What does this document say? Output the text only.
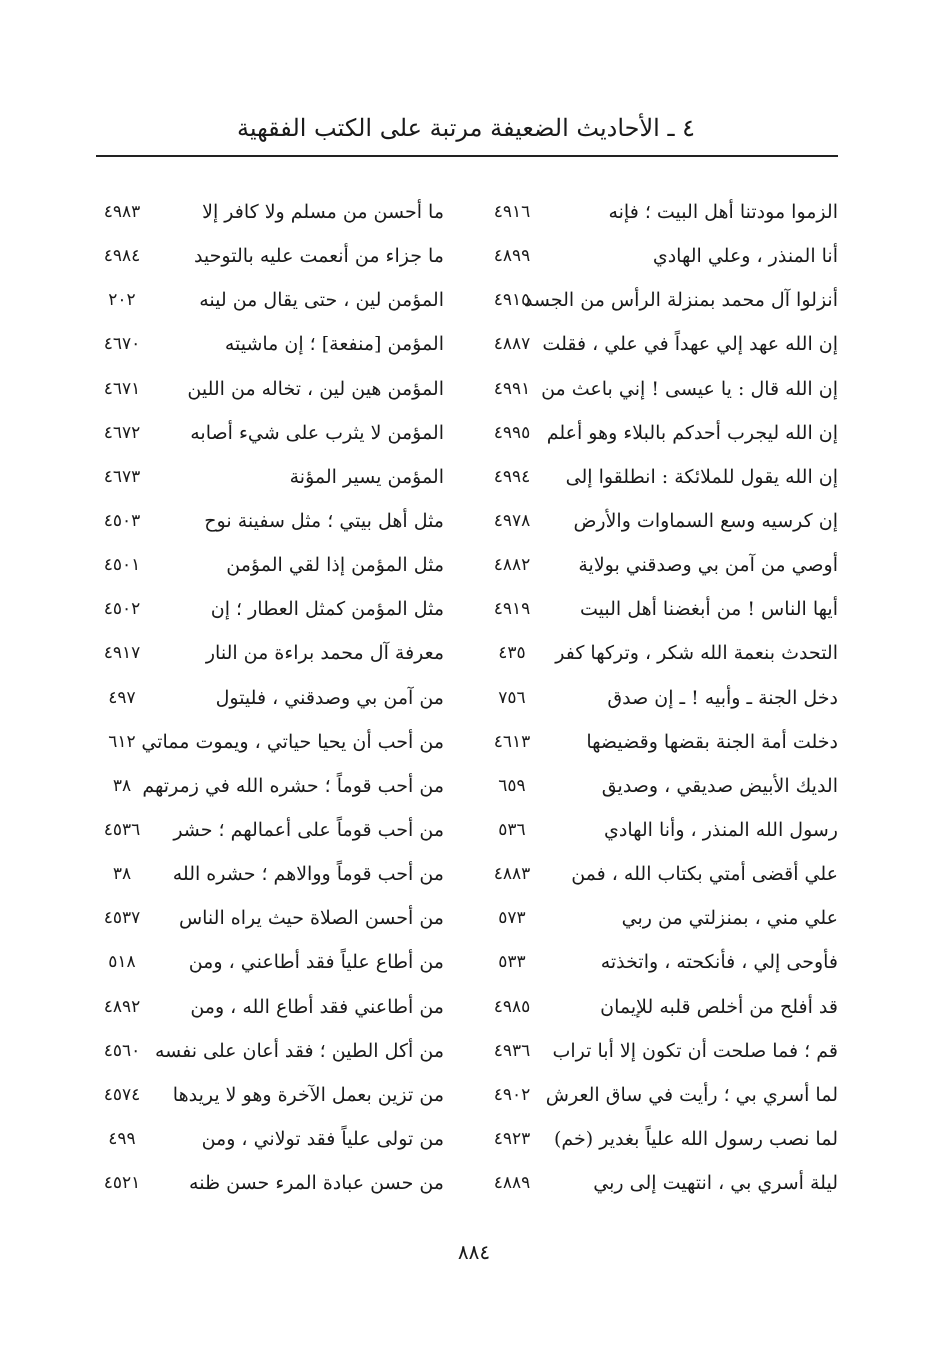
٤ ـ الأحاديث الضعيفة مرتبة على الكتب الفقهية
الزموا مودتنا أهل البيت ؛ فإنه
٤٩١٦
ما أحسن من مسلم ولا كافر إلا
٤٩٨٣
أنا المنذر ، وعلي الهادي
٤٨٩٩
ما جزاء من أنعمت عليه بالتوحيد
٤٩٨٤
أنزلوا آل محمد بمنزلة الرأس من الجسد
٤٩١٥
المؤمن لين ، حتى يقال من لينه
٢٠٢
إن الله عهد إلي عهداً في علي ، فقلت
٤٨٨٧
المؤمن [منفعة] ؛ إن ماشيته
٤٦٧٠
إن الله قال : يا عيسى ! إني باعث من
٤٩٩١
المؤمن هين لين ، تخاله من اللين
٤٦٧١
إن الله ليجرب أحدكم بالبلاء وهو أعلم
٤٩٩٥
المؤمن لا يثرب على شيء أصابه
٤٦٧٢
إن الله يقول للملائكة : انطلقوا إلى
٤٩٩٤
المؤمن يسير المؤنة
٤٦٧٣
إن كرسيه وسع السماوات والأرض
٤٩٧٨
مثل أهل بيتي ؛ مثل سفينة نوح
٤٥٠٣
أوصي من آمن بي وصدقني بولاية
٤٨٨٢
مثل المؤمن إذا لقي المؤمن
٤٥٠١
أيها الناس ! من أبغضنا أهل البيت
٤٩١٩
مثل المؤمن كمثل العطار ؛ إن
٤٥٠٢
التحدث بنعمة الله شكر ، وتركها كفر
٤٣٥
معرفة آل محمد براءة من النار
٤٩١٧
دخل الجنة ـ وأبيه ! ـ إن صدق
٧٥٦
من آمن بي وصدقني ، فليتول
٤٩٧
دخلت أمة الجنة بقضها وقضيضها
٤٦١٣
من أحب أن يحيا حياتي ، ويموت مماتي
٦١٢
الديك الأبيض صديقي ، وصديق
٦٥٩
من أحب قوماً ؛ حشره الله في زمرتهم
٣٨
رسول الله المنذر ، وأنا الهادي
٥٣٦
من أحب قوماً على أعمالهم ؛ حشر
٤٥٣٦
علي أقضى أمتي بكتاب الله ، فمن
٤٨٨٣
من أحب قوماً ووالاهم ؛ حشره الله
٣٨
علي مني ، بمنزلتي من ربي
٥٧٣
من أحسن الصلاة حيث يراه الناس
٤٥٣٧
فأوحى إلي ، فأنكحته ، واتخذته
٥٣٣
من أطاع علياً فقد أطاعني ، ومن
٥١٨
قد أفلح من أخلص قلبه للإيمان
٤٩٨٥
من أطاعني فقد أطاع الله ، ومن
٤٨٩٢
قم ؛ فما صلحت أن تكون إلا أبا تراب
٤٩٣٦
من أكل الطين ؛ فقد أعان على نفسه
٤٥٦٠
لما أسري بي ؛ رأيت في ساق العرش
٤٩٠٢
من تزين بعمل الآخرة وهو لا يريدها
٤٥٧٤
لما نصب رسول الله علياً بغدير (خم)
٤٩٢٣
من تولى علياً فقد تولاني ، ومن
٤٩٩
ليلة أسري بي ، انتهيت إلى ربي
٤٨٨٩
من حسن عبادة المرء حسن ظنه
٤٥٢١
٨٨٤
